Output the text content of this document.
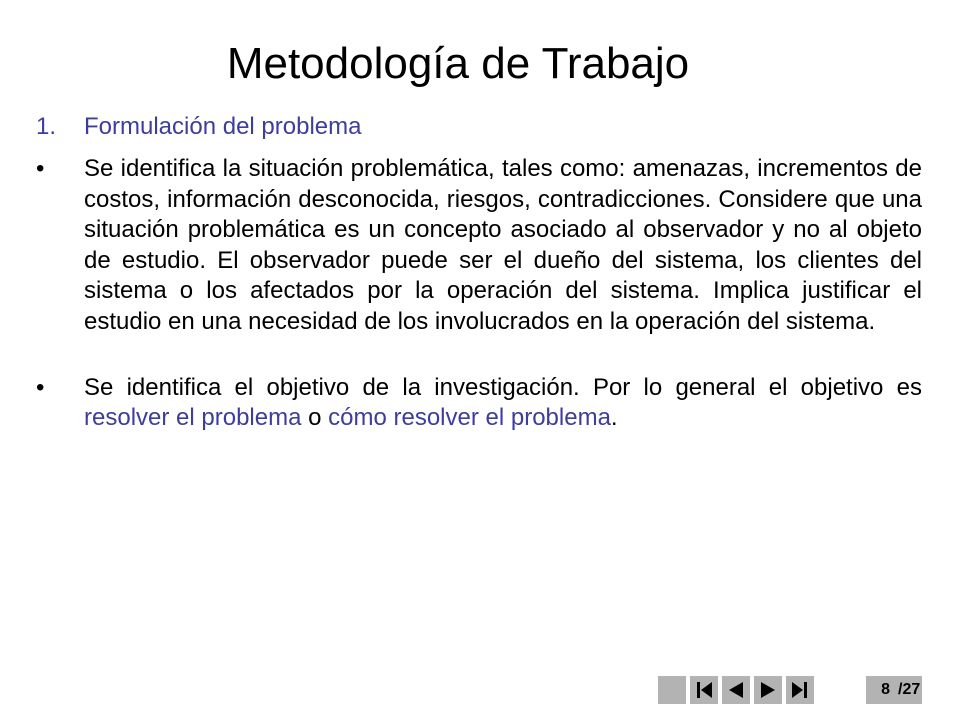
Metodología de Trabajo
1. Formulación del problema
• Se identifica la situación problemática, tales como: amenazas, incrementos de costos, información desconocida, riesgos, contradicciones. Considere que una situación problemática es un concepto asociado al observador y no al objeto de estudio. El observador puede ser el dueño del sistema, los clientes del sistema o los afectados por la operación del sistema. Implica justificar el estudio en una necesidad de los involucrados en la operación del sistema.
• Se identifica el objetivo de la investigación. Por lo general el objetivo es resolver el problema o cómo resolver el problema.
8 /27
